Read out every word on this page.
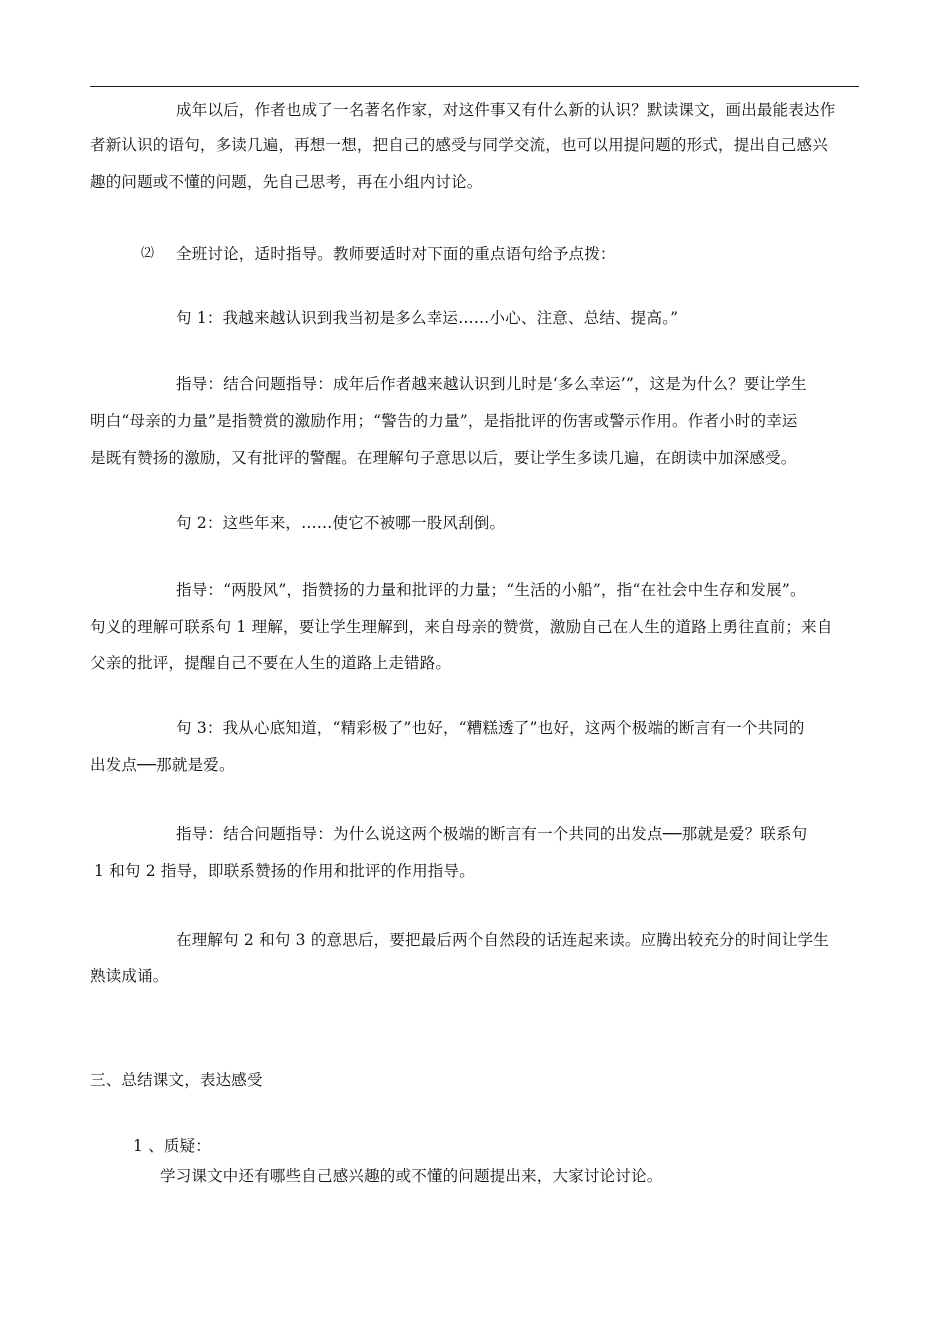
成年以后，作者也成了一名著名作家，对这件事又有什么新的认识？默读课文，画出最能表达作
者新认识的语句，多读几遍，再想一想，把自己的感受与同学交流，也可以用提问题的形式，提出自己感兴
趣的问题或不懂的问题，先自己思考，再在小组内讨论。
⑵ 全班讨论，适时指导。教师要适时对下面的重点语句给予点拨：
句 1：我越来越认识到我当初是多么幸运……小心、注意、总结、提高。”
指导：结合问题指导：成年后作者越来越认识到儿时是‘多么幸运’”，这是为什么？要让学生
明白“母亲的力量”是指赞赏的激励作用；“警告的力量”，是指批评的伤害或警示作用。作者小时的幸运
是既有赞扬的激励，又有批评的警醒。在理解句子意思以后，要让学生多读几遍，在朗读中加深感受。
句 2：这些年来，……使它不被哪一股风刮倒。
指导：“两股风”，指赞扬的力量和批评的力量；“生活的小船”，指“在社会中生存和发展”。
句义的理解可联系句 1 理解，要让学生理解到，来自母亲的赞赏，激励自己在人生的道路上勇往直前；来自
父亲的批评，提醒自己不要在人生的道路上走错路。
句 3：我从心底知道，“精彩极了”也好，“糟糕透了”也好，这两个极端的断言有一个共同的
出发点──那就是爱。
指导：结合问题指导：为什么说这两个极端的断言有一个共同的出发点──那就是爱？联系句
1 和句 2 指导，即联系赞扬的作用和批评的作用指导。
在理解句 2 和句 3 的意思后，要把最后两个自然段的话连起来读。应腾出较充分的时间让学生
熟读成诵。
三、总结课文，表达感受
1 、质疑：
学习课文中还有哪些自己感兴趣的或不懂的问题提出来，大家讨论讨论。
